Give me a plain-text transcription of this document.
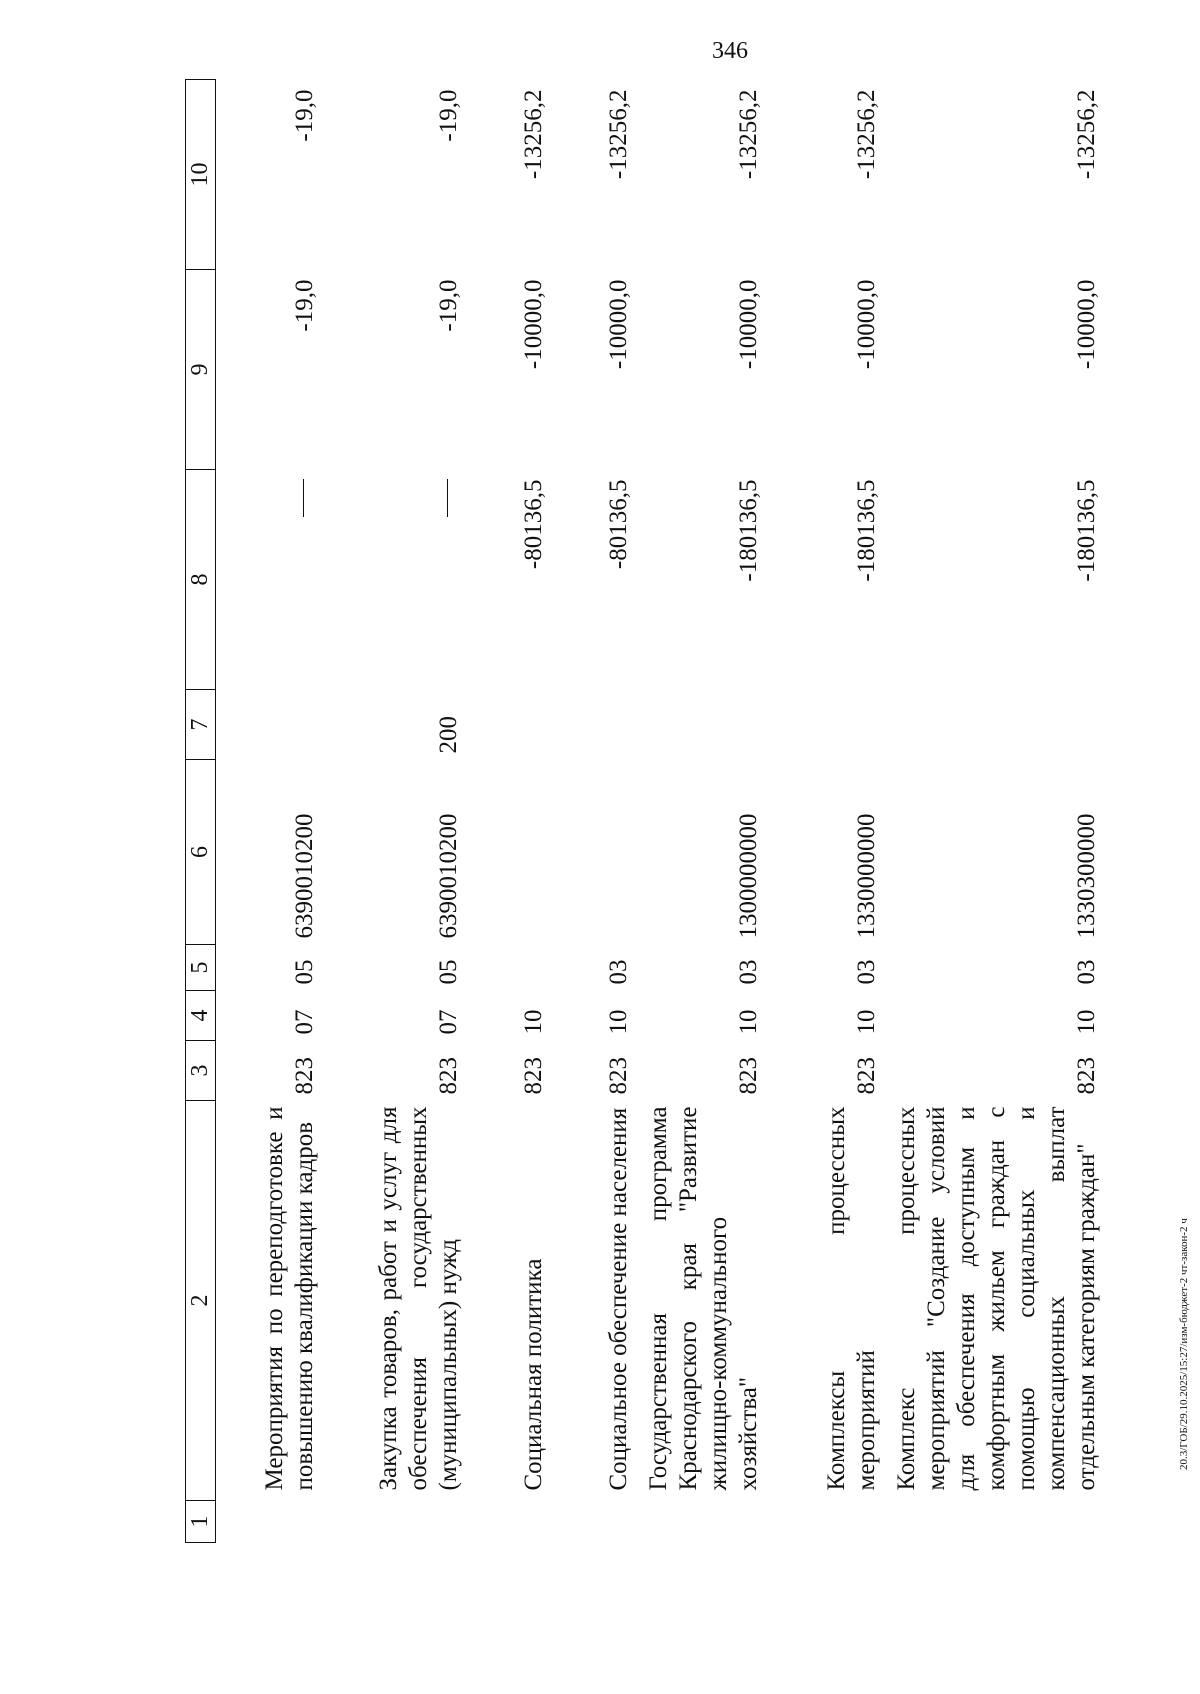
346
1	2	3	4	5	6	7	8	9	10
	Мероприятия по переподготовке и повышению квалификации кадров	823	07	05	6390010200			-19,0	-19,0
	Закупка товаров, работ и услуг для обеспечения государственных (муниципальных) нужд	823	07	05	6390010200	200		-19,0	-19,0
	Социальная политика	823	10				-80136,5	-10000,0	-13256,2
	Социальное обеспечение населения	823	10	03			-80136,5	-10000,0	-13256,2
	Государственная программа Краснодарского края "Развитие жилищно-коммунального хозяйства"	823	10	03	1300000000		-180136,5	-10000,0	-13256,2
	Комплексы процессных мероприятий	823	10	03	1330000000		-180136,5	-10000,0	-13256,2
	Комплекс процессных мероприятий "Создание условий для обеспечения доступным и комфортным жильем граждан с помощью социальных и компенсационных выплат отдельным категориям граждан"	823	10	03	1330300000		-180136,5	-10000,0	-13256,2
20.3/ГОБ/29.10.2025/15:27/изм-бюджет-2 чт-закон-2 ч
